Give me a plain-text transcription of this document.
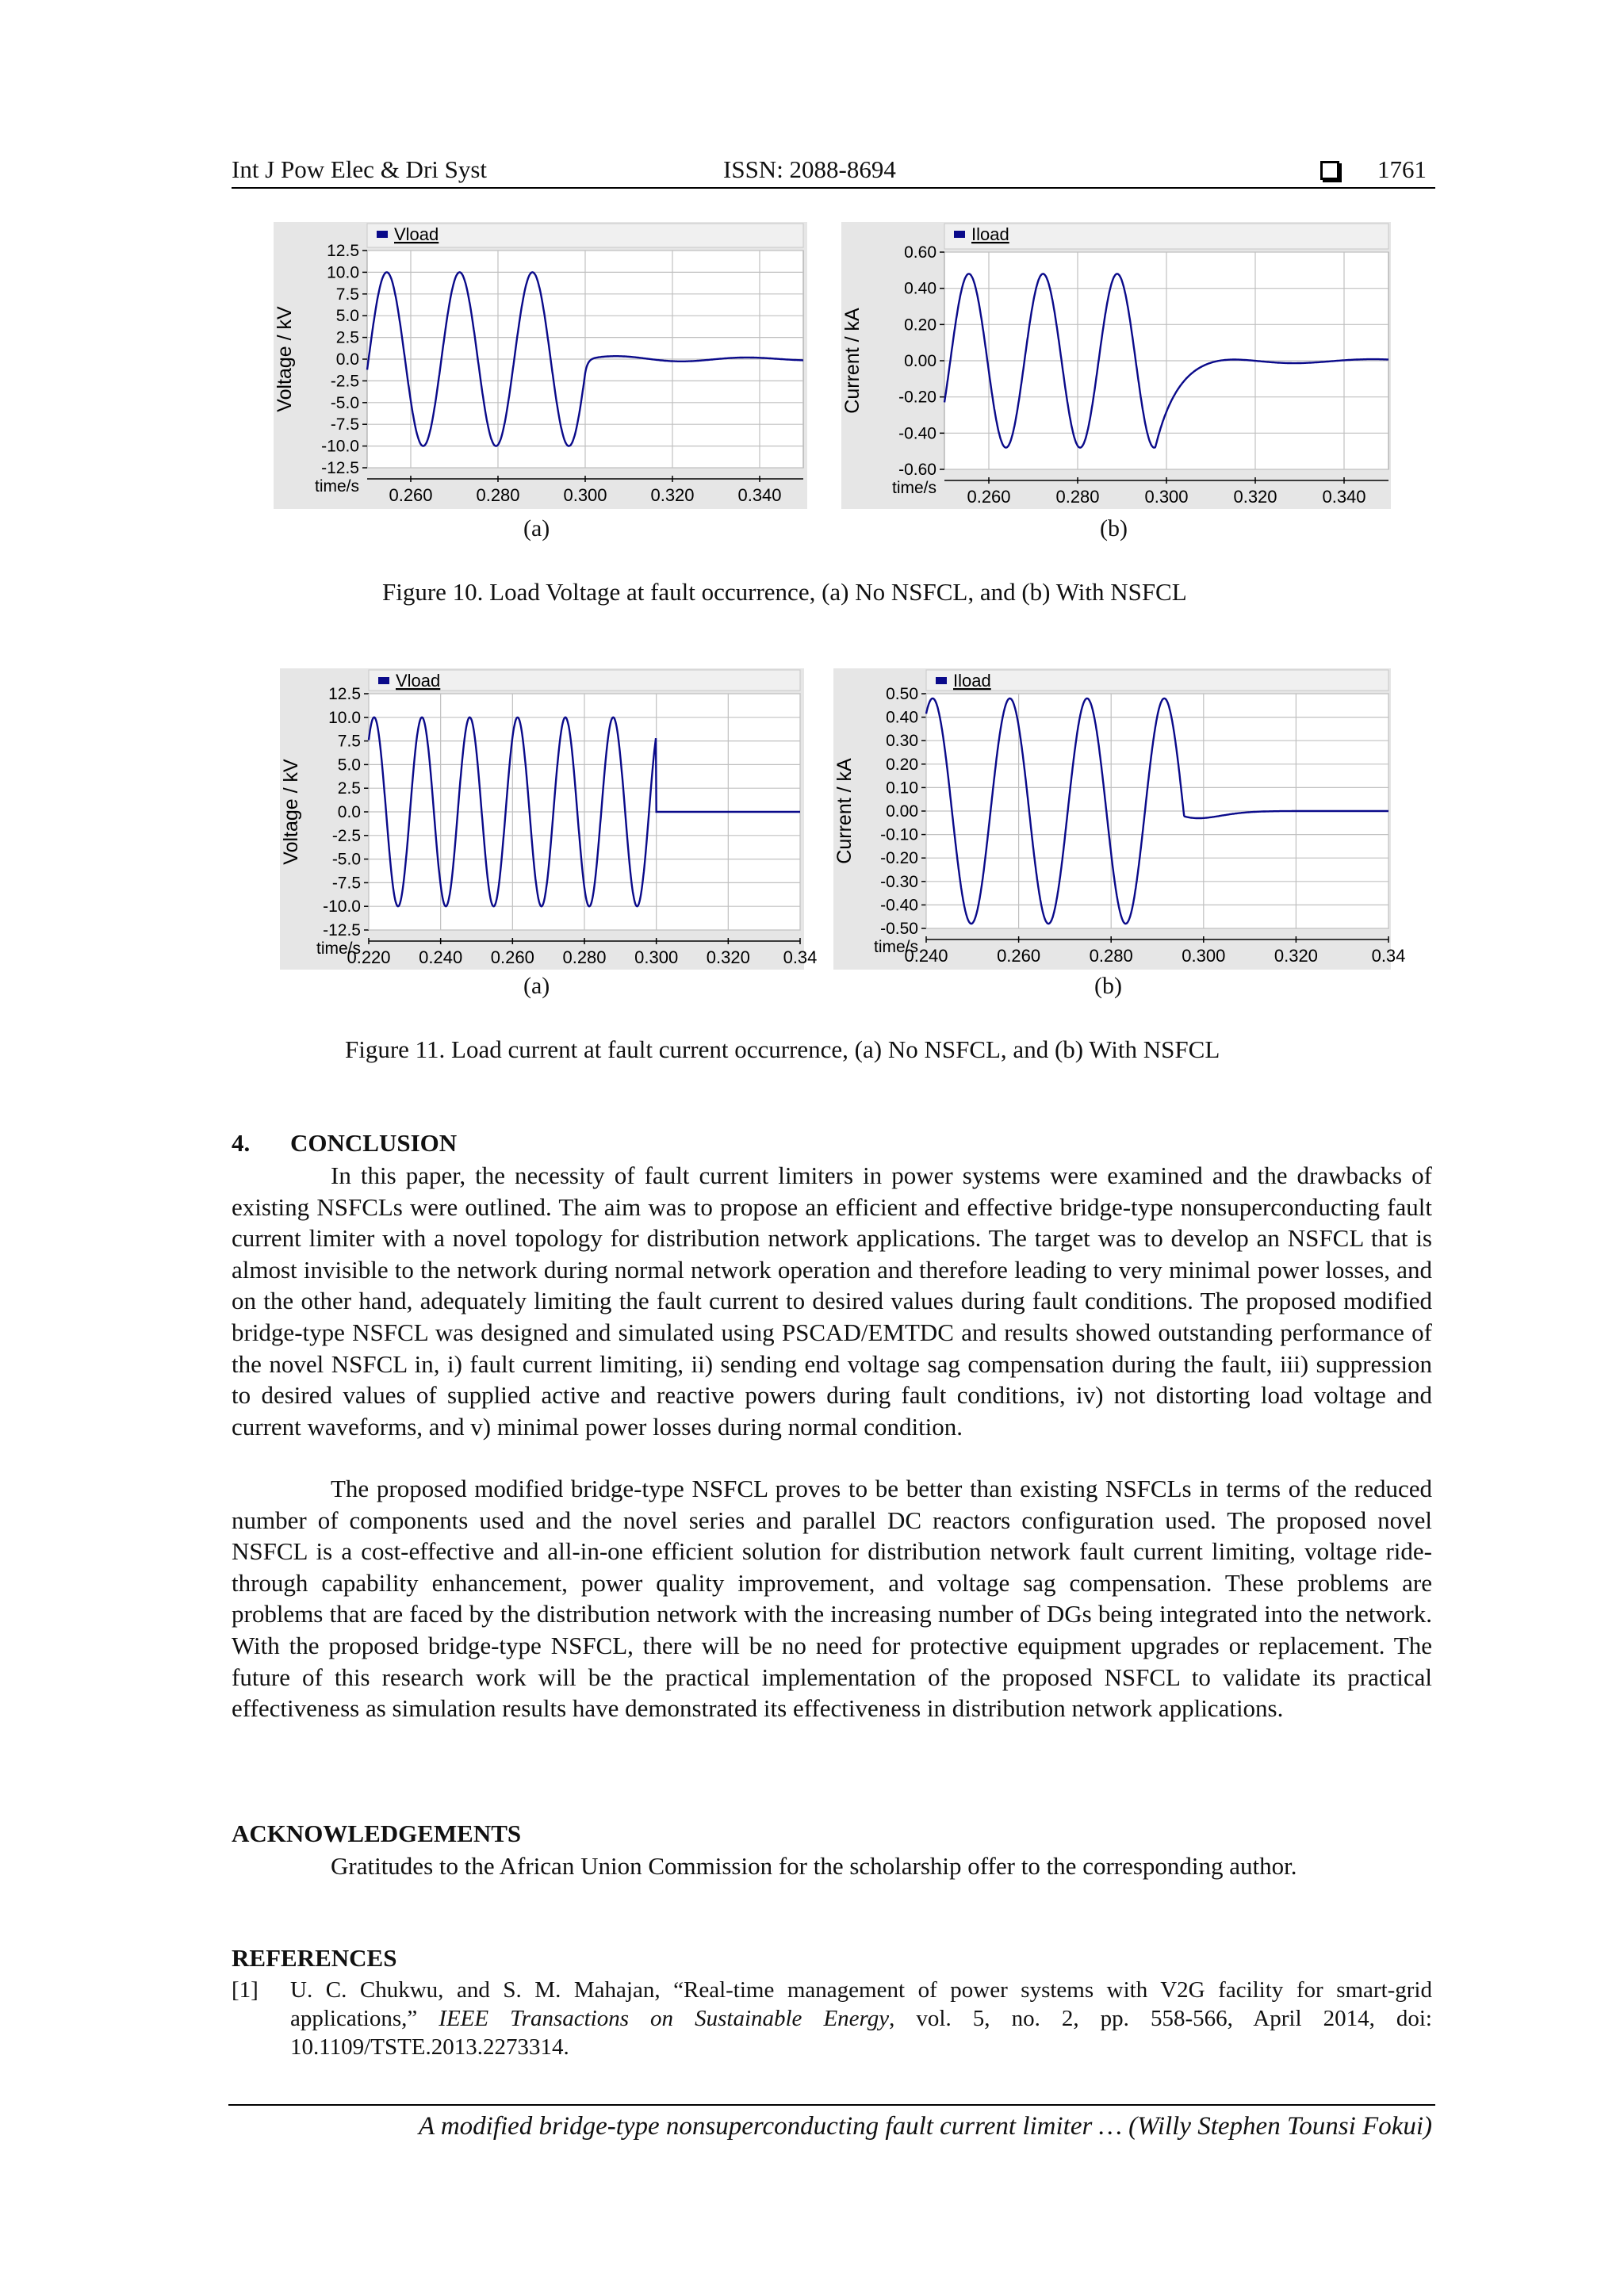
Int J Pow Elec & Dri Syst	ISSN: 2088-8694	1761
Vload
12.5
10.0
7.5
5.0
2.5
0.0
-2.5
-5.0
-7.5
-10.0
-12.5
0.260 0.280 0.300 0.320 0.340
time/s
Voltage / kV
Iload
0.60
0.40
0.20
0.00
-0.20
-0.40
-0.60
0.260	0.280	0.300	0.320	0.340
time/s
Current / kA
(a)	(b)
Figure 10. Load Voltage at fault occurrence, (a) No NSFCL, and (b) With NSFCL
Vload
12.5
10.0
7.5
5.0
2.5
0.0
-2.5
-5.0
-7.5
-10.0
-12.5
0.220 0.240 0.260 0.280 0.300 0.320 0.34
time/s
Voltage / kV
Iload
0.50
0.40
0.30
0.20
0.10
0.00
-0.10
-0.20
-0.30
-0.40
-0.50
0.240	0.260	0.280	0.300	0.320	0.34
time/s
Current / kA
(a)	(b)
Figure 11. Load current at fault current occurrence, (a) No NSFCL, and (b) With NSFCL
4. CONCLUSION

In this paper, the necessity of fault current limiters in power systems were examined and the drawbacks of existing NSFCLs were outlined. The aim was to propose an efficient and effective bridge-type nonsuperconducting fault current limiter with a novel topology for distribution network applications. The target was to develop an NSFCL that is almost invisible to the network during normal network operation and therefore leading to very minimal power losses, and on the other hand, adequately limiting the fault current to desired values during fault conditions. The proposed modified bridge-type NSFCL was designed and simulated using PSCAD/EMTDC and results showed outstanding performance of the novel NSFCL in, i) fault current limiting, ii) sending end voltage sag compensation during the fault, iii) suppression to desired values of supplied active and reactive powers during fault conditions, iv) not distorting load voltage and current waveforms, and v) minimal power losses during normal condition.

The proposed modified bridge-type NSFCL proves to be better than existing NSFCLs in terms of the reduced number of components used and the novel series and parallel DC reactors configuration used. The proposed novel NSFCL is a cost-effective and all-in-one efficient solution for distribution network fault current limiting, voltage ride-through capability enhancement, power quality improvement, and voltage sag compensation. These problems are problems that are faced by the distribution network with the increasing number of DGs being integrated into the network. With the proposed bridge-type NSFCL, there will be no need for protective equipment upgrades or replacement. The future of this research work will be the practical implementation of the proposed NSFCL to validate its practical effectiveness as simulation results have demonstrated its effectiveness in distribution network applications.

ACKNOWLEDGEMENTS

Gratitudes to the African Union Commission for the scholarship offer to the corresponding author.

REFERENCES
[1] U. C. Chukwu, and S. M. Mahajan, “Real-time management of power systems with V2G facility for smart-grid applications,” IEEE Transactions on Sustainable Energy, vol. 5, no. 2, pp. 558-566, April 2014, doi: 10.1109/TSTE.2013.2273314.
A modified bridge-type nonsuperconducting fault current limiter … (Willy Stephen Tounsi Fokui)
